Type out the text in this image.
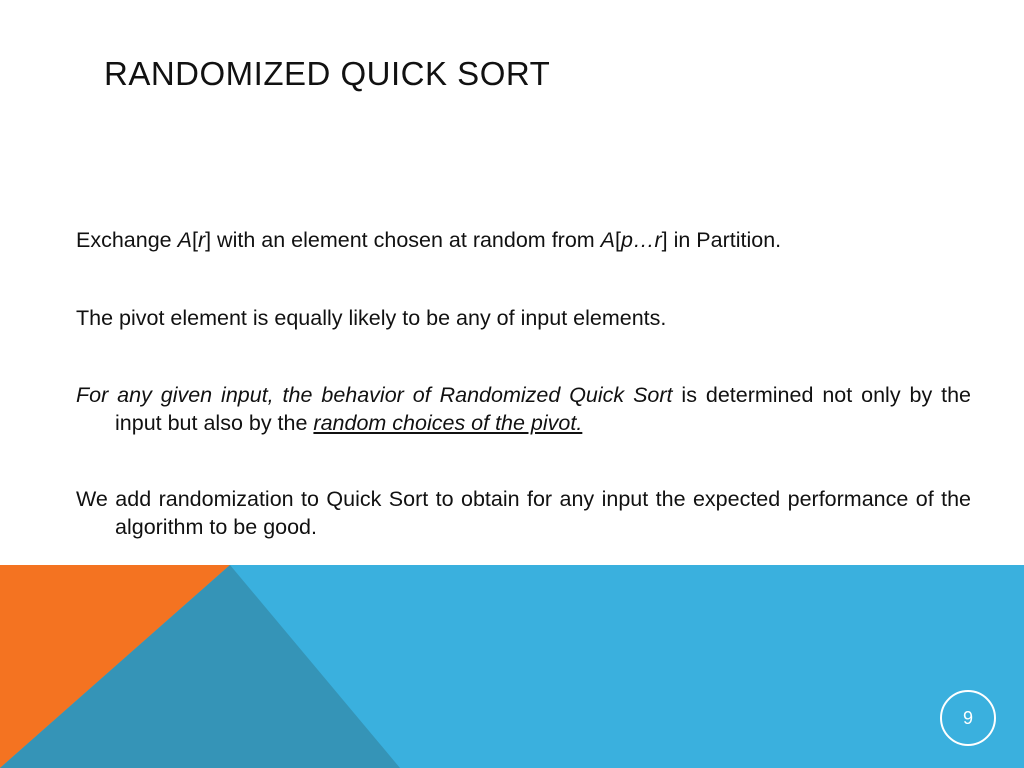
RANDOMIZED QUICK SORT

Exchange A[r] with an element chosen at random from A[p…r] in Partition.

The pivot element is equally likely to be any of input elements.

For any given input, the behavior of Randomized Quick Sort is determined not only by the input but also by the random choices of the pivot.

We add randomization to Quick Sort to obtain for any input the expected performance of the algorithm to be good.

9
